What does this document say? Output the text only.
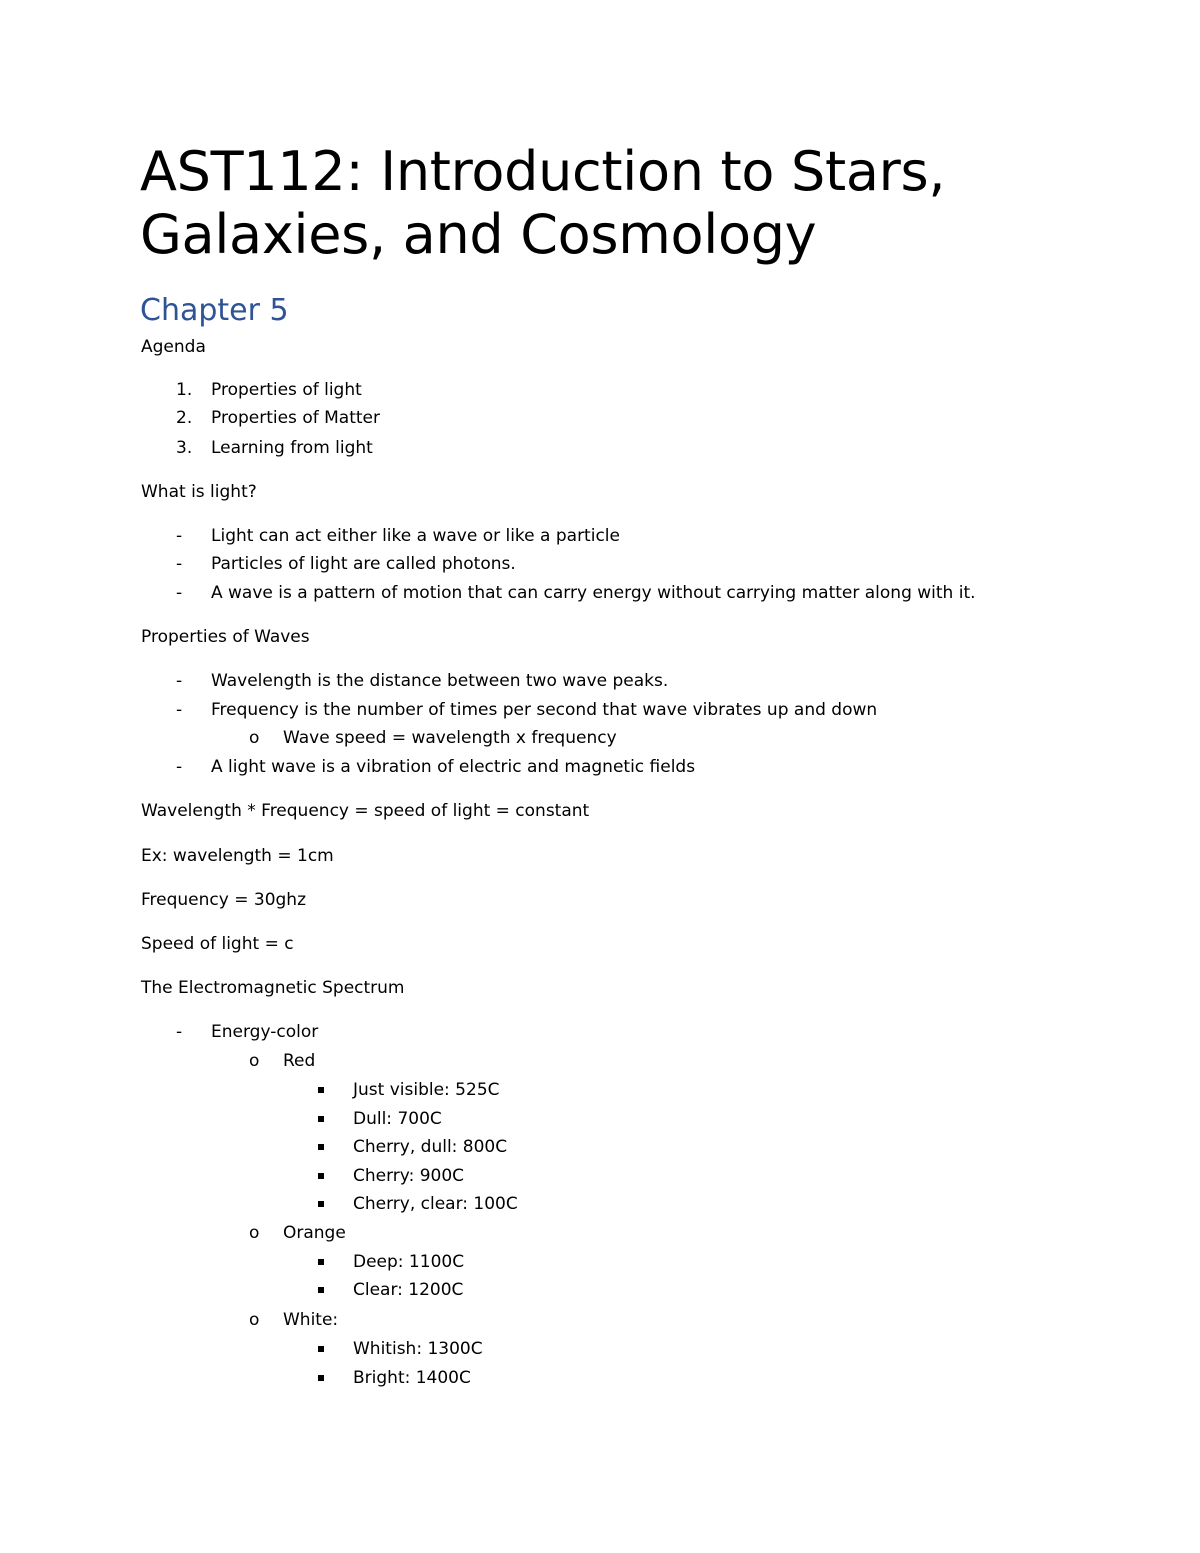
AST112: Introduction to Stars,
Galaxies, and Cosmology
Chapter 5
Agenda
1. Properties of light
2. Properties of Matter
3. Learning from light
What is light?
- Light can act either like a wave or like a particle
- Particles of light are called photons.
- A wave is a pattern of motion that can carry energy without carrying matter along with it.
Properties of Waves
- Wavelength is the distance between two wave peaks.
- Frequency is the number of times per second that wave vibrates up and down
o Wave speed = wavelength x frequency
- A light wave is a vibration of electric and magnetic fields
Wavelength * Frequency = speed of light = constant
Ex: wavelength = 1cm
Frequency = 30ghz
Speed of light = c
The Electromagnetic Spectrum
- Energy-color
o Red
Just visible: 525C
Dull: 700C
Cherry, dull: 800C
Cherry: 900C
Cherry, clear: 100C
o Orange
Deep: 1100C
Clear: 1200C
o White:
Whitish: 1300C
Bright: 1400C
